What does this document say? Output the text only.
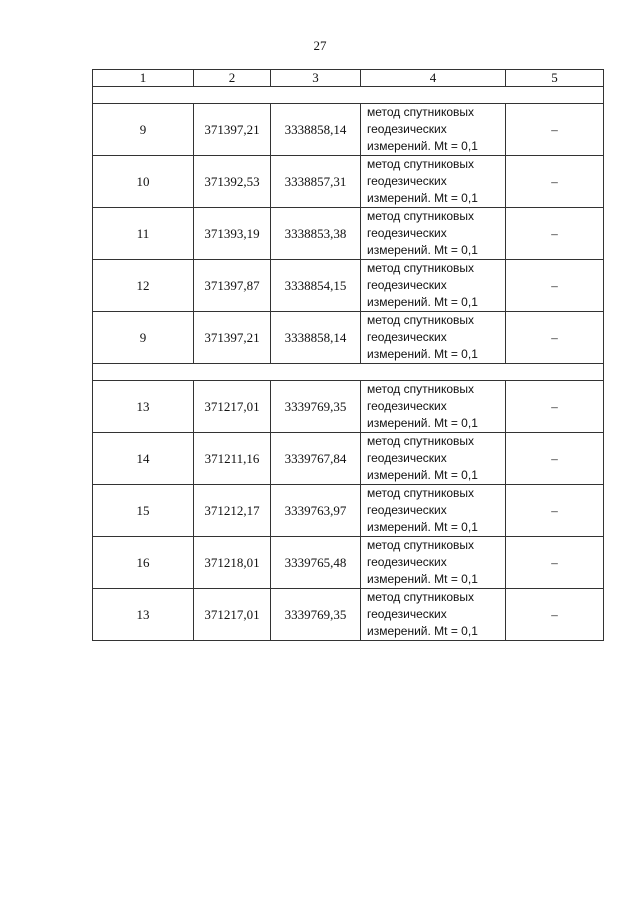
27
1	2	3	4	5

9	371397,21	3338858,14	метод спутниковых
геодезических
измерений. Mt = 0,1	–
10	371392,53	3338857,31	метод спутниковых
геодезических
измерений. Mt = 0,1	–
11	371393,19	3338853,38	метод спутниковых
геодезических
измерений. Mt = 0,1	–
12	371397,87	3338854,15	метод спутниковых
геодезических
измерений. Mt = 0,1	–
9	371397,21	3338858,14	метод спутниковых
геодезических
измерений. Mt = 0,1	–

13	371217,01	3339769,35	метод спутниковых
геодезических
измерений. Mt = 0,1	–
14	371211,16	3339767,84	метод спутниковых
геодезических
измерений. Mt = 0,1	–
15	371212,17	3339763,97	метод спутниковых
геодезических
измерений. Mt = 0,1	–
16	371218,01	3339765,48	метод спутниковых
геодезических
измерений. Mt = 0,1	–
13	371217,01	3339769,35	метод спутниковых
геодезических
измерений. Mt = 0,1	–
